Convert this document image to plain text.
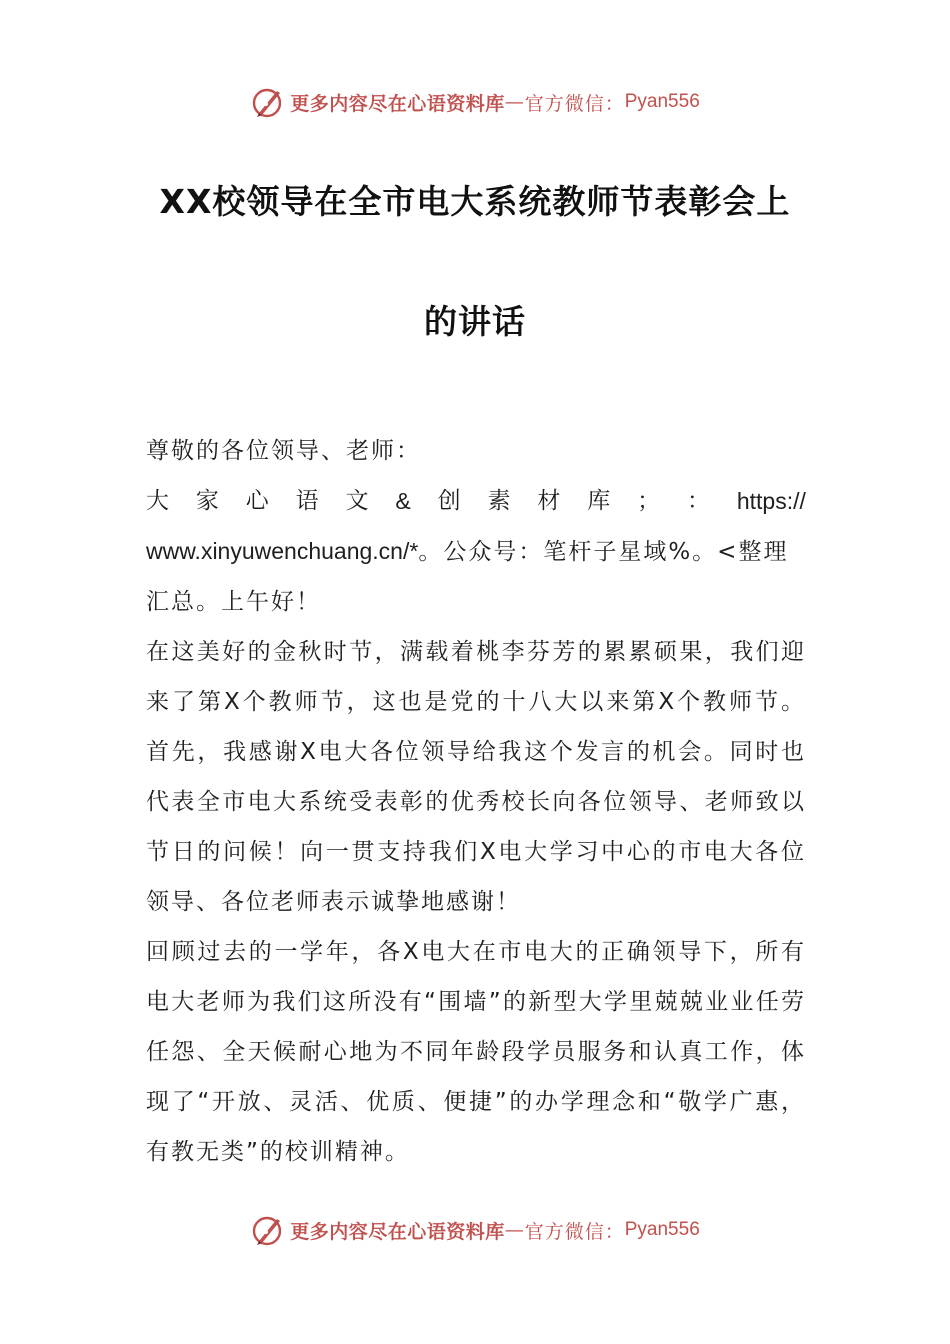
更多内容尽在心语资料库 — 官方微信： Pyan556
XX校领导在全市电大系统教师节表彰会上
的讲话

尊敬的各位领导、老师：

大 家 心 语 文 & 创 素 材 库 ； ： https://

www.xinyuwenchuang.cn/*。公众号：笔杆子星域%。<整理

汇总。上午好！

在这美好的金秋时节，满载着桃李芬芳的累累硕果，我们迎来了第X个教师节，这也是党的十八大以来第X个教师节。首先，我感谢X电大各位领导给我这个发言的机会。同时也代表全市电大系统受表彰的优秀校长向各位领导、老师致以节日的问候！向一贯支持我们X电大学习中心的市电大各位领导、各位老师表示诚挚地感谢！

回顾过去的一学年，各X电大在市电大的正确领导下，所有电大老师为我们这所没有“围墙”的新型大学里兢兢业业任劳任怨、全天候耐心地为不同年龄段学员服务和认真工作，体现了“开放、灵活、优质、便捷”的办学理念和“敬学广惠，有教无类”的校训精神。

更多内容尽在心语资料库 — 官方微信： Pyan556
